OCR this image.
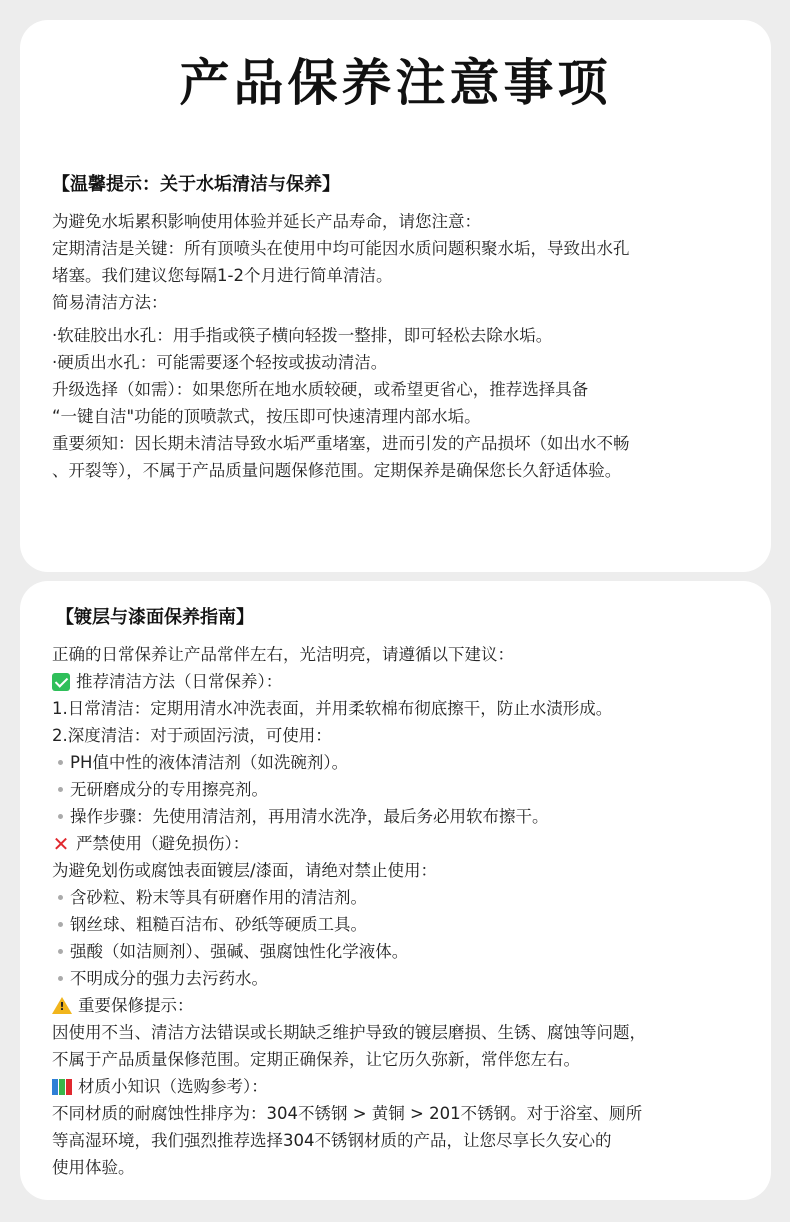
产品保养注意事项
【温馨提示：关于水垢清洁与保养】

为避免水垢累积影响使用体验并延长产品寿命，请您注意：

定期清洁是关键：所有顶喷头在使用中均可能因水质问题积聚水垢，导致出水孔

堵塞。我们建议您每隔1-2个月进行简单清洁。

简易清洁方法：

·软硅胶出水孔：用手指或筷子横向轻拨一整排，即可轻松去除水垢。

·硬质出水孔：可能需要逐个轻按或拔动清洁。

升级选择（如需）：如果您所在地水质较硬，或希望更省心，推荐选择具备

“一键自洁"功能的顶喷款式，按压即可快速清理内部水垢。

重要须知：因长期未清洁导致水垢严重堵塞，进而引发的产品损坏（如出水不畅

、开裂等），不属于产品质量问题保修范围。定期保养是确保您长久舒适体验。

【镀层与漆面保养指南】

正确的日常保养让产品常伴左右，光洁明亮，请遵循以下建议：

推荐清洁方法（日常保养）：

1.日常清洁：定期用清水冲洗表面，并用柔软棉布彻底擦干，防止水渍形成。

2.深度清洁：对于顽固污渍，可使用：

PH值中性的液体清洁剂（如洗碗剂）。
无研磨成分的专用擦亮剂。
操作步骤：先使用清洁剂，再用清水洗净，最后务必用软布擦干。
✕ 严禁使用（避免损伤）：

为避免划伤或腐蚀表面镀层/漆面，请绝对禁止使用：

含砂粒、粉末等具有研磨作用的清洁剂。
钢丝球、粗糙百洁布、砂纸等硬质工具。
强酸（如洁厕剂）、强碱、强腐蚀性化学液体。
不明成分的强力去污药水。
! 重要保修提示：

因使用不当、清洁方法错误或长期缺乏维护导致的镀层磨损、生锈、腐蚀等问题，

不属于产品质量保修范围。定期正确保养，让它历久弥新，常伴您左右。

材质小知识（选购参考）：

不同材质的耐腐蚀性排序为：304不锈钢 > 黄铜 > 201不锈钢。对于浴室、厕所

等高湿环境，我们强烈推荐选择304不锈钢材质的产品，让您尽享长久安心的

使用体验。
